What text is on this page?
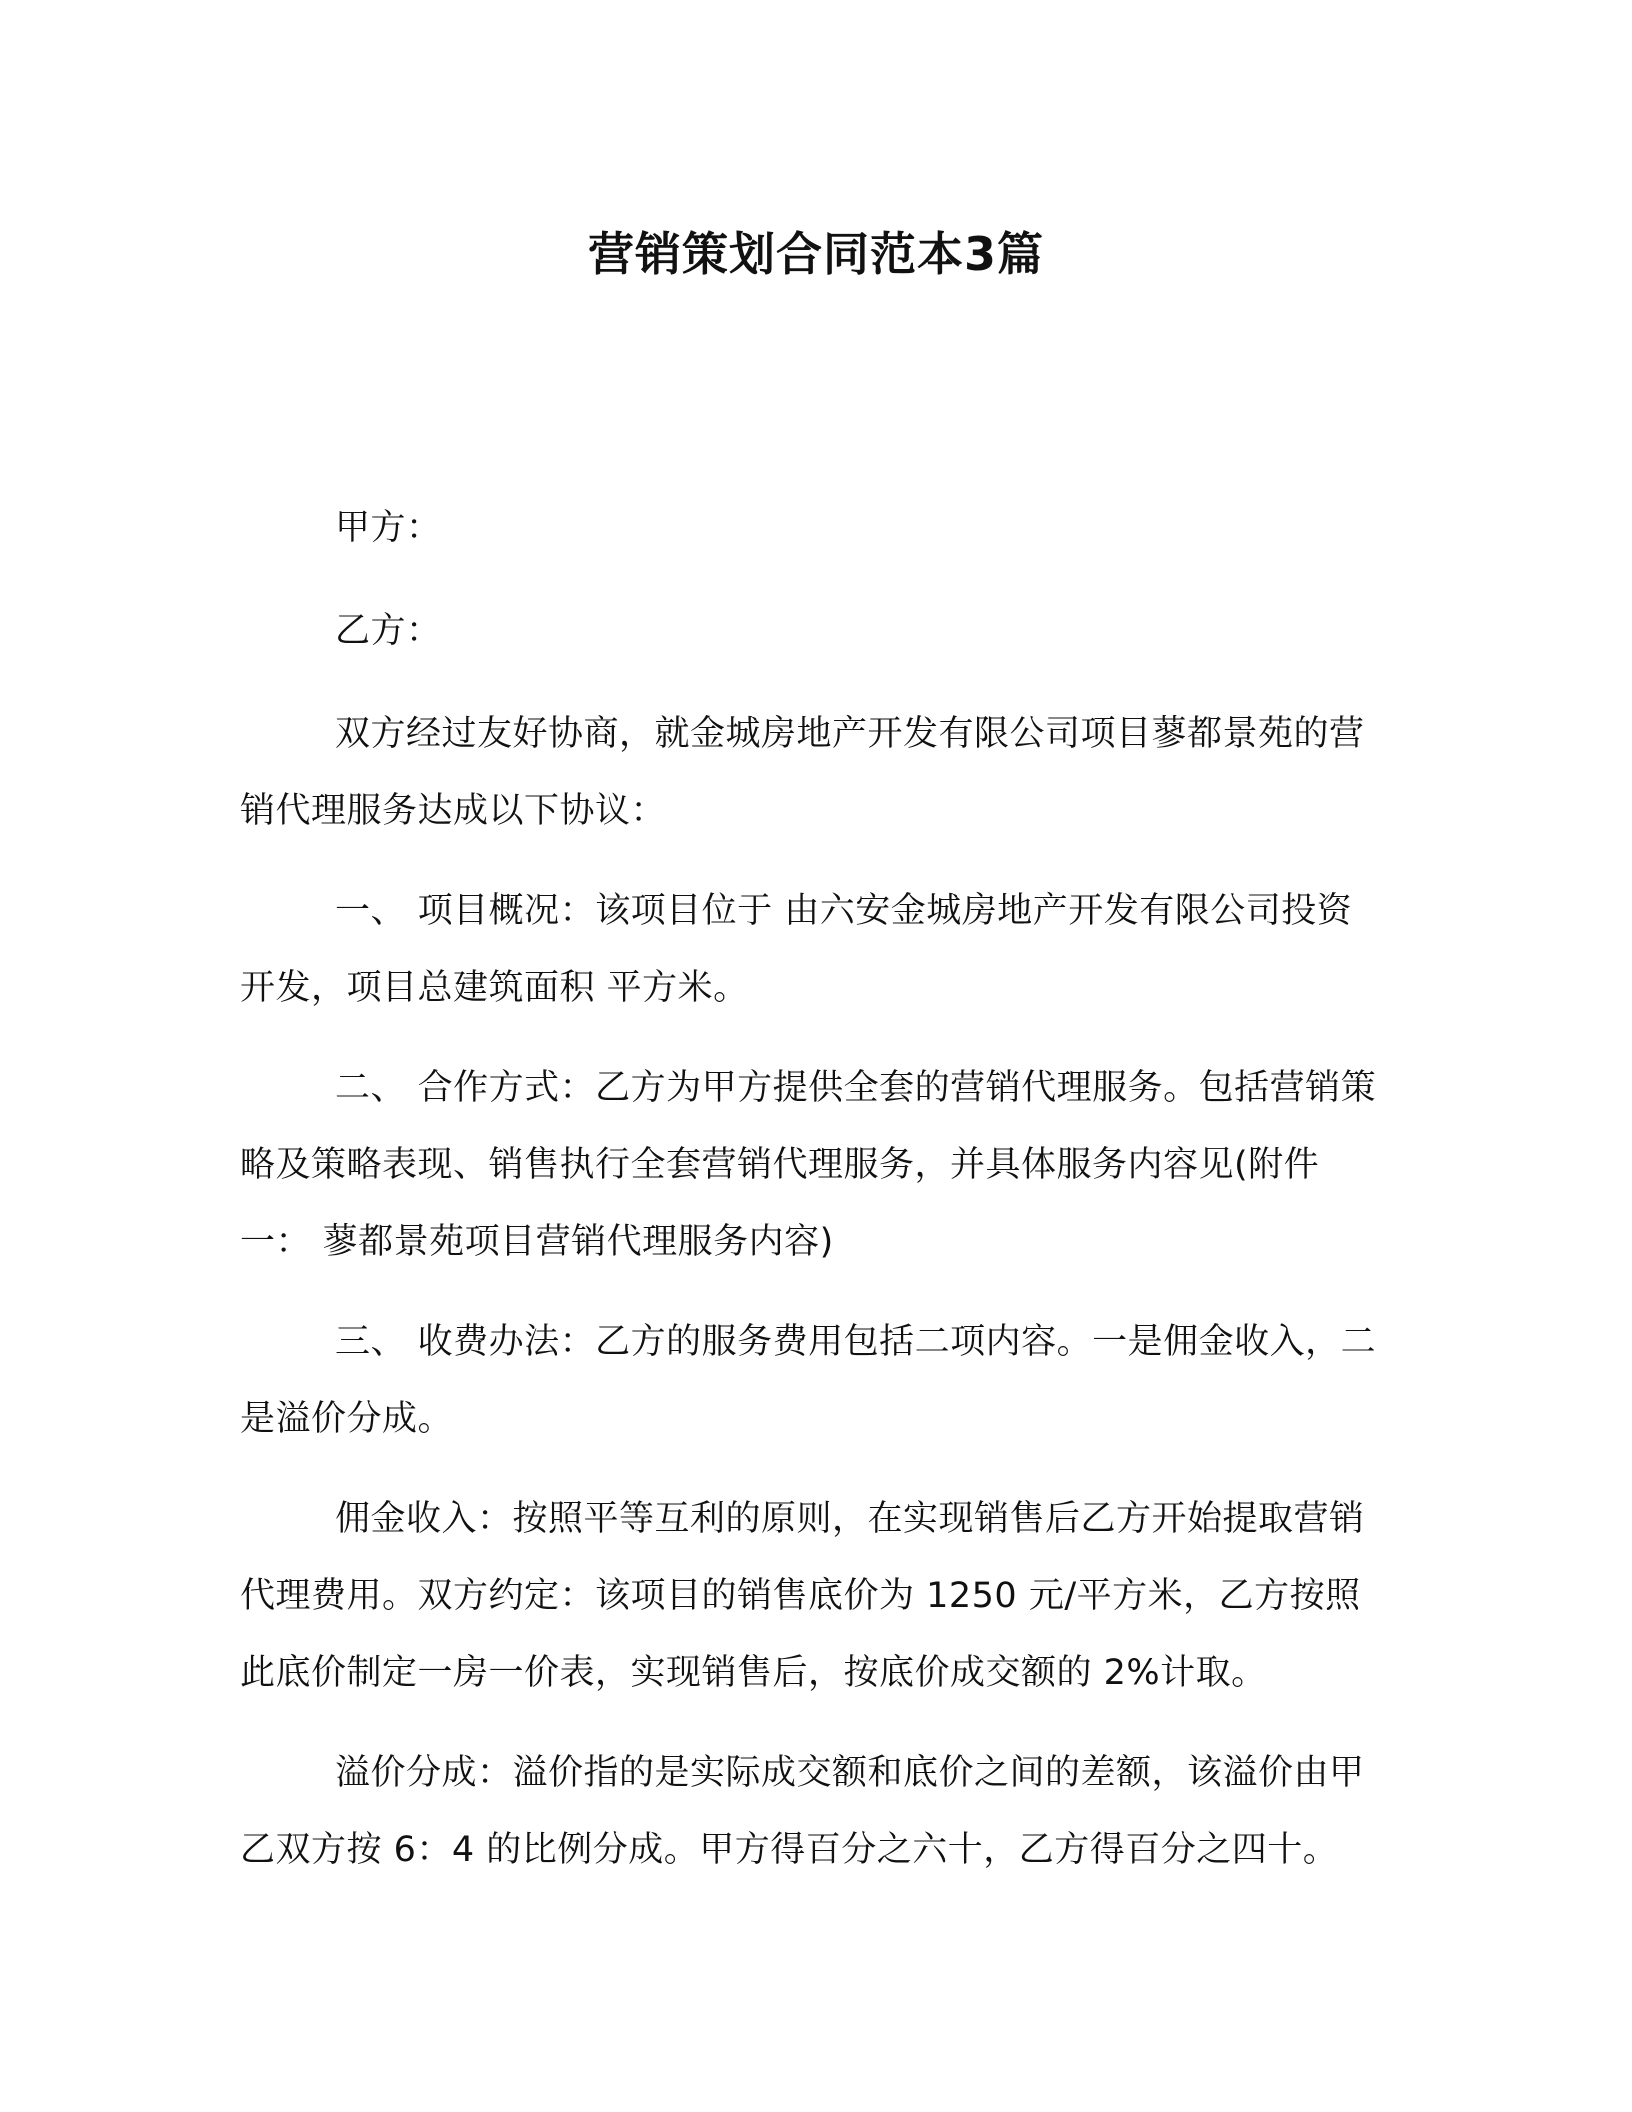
营销策划合同范本3篇

甲方：

乙方：

双方经过友好协商，就金城房地产开发有限公司项目蓼都景苑的营销代理服务达成以下协议：

一、 项目概况：该项目位于 由六安金城房地产开发有限公司投资开发，项目总建筑面积 平方米。

二、 合作方式：乙方为甲方提供全套的营销代理服务。包括营销策略及策略表现、销售执行全套营销代理服务，并具体服务内容见(附件一： 蓼都景苑项目营销代理服务内容)

三、 收费办法：乙方的服务费用包括二项内容。一是佣金收入，二是溢价分成。

佣金收入：按照平等互利的原则，在实现销售后乙方开始提取营销代理费用。双方约定：该项目的销售底价为 1250 元/平方米，乙方按照此底价制定一房一价表，实现销售后，按底价成交额的 2%计取。

溢价分成：溢价指的是实际成交额和底价之间的差额，该溢价由甲乙双方按 6：4 的比例分成。甲方得百分之六十，乙方得百分之四十。
